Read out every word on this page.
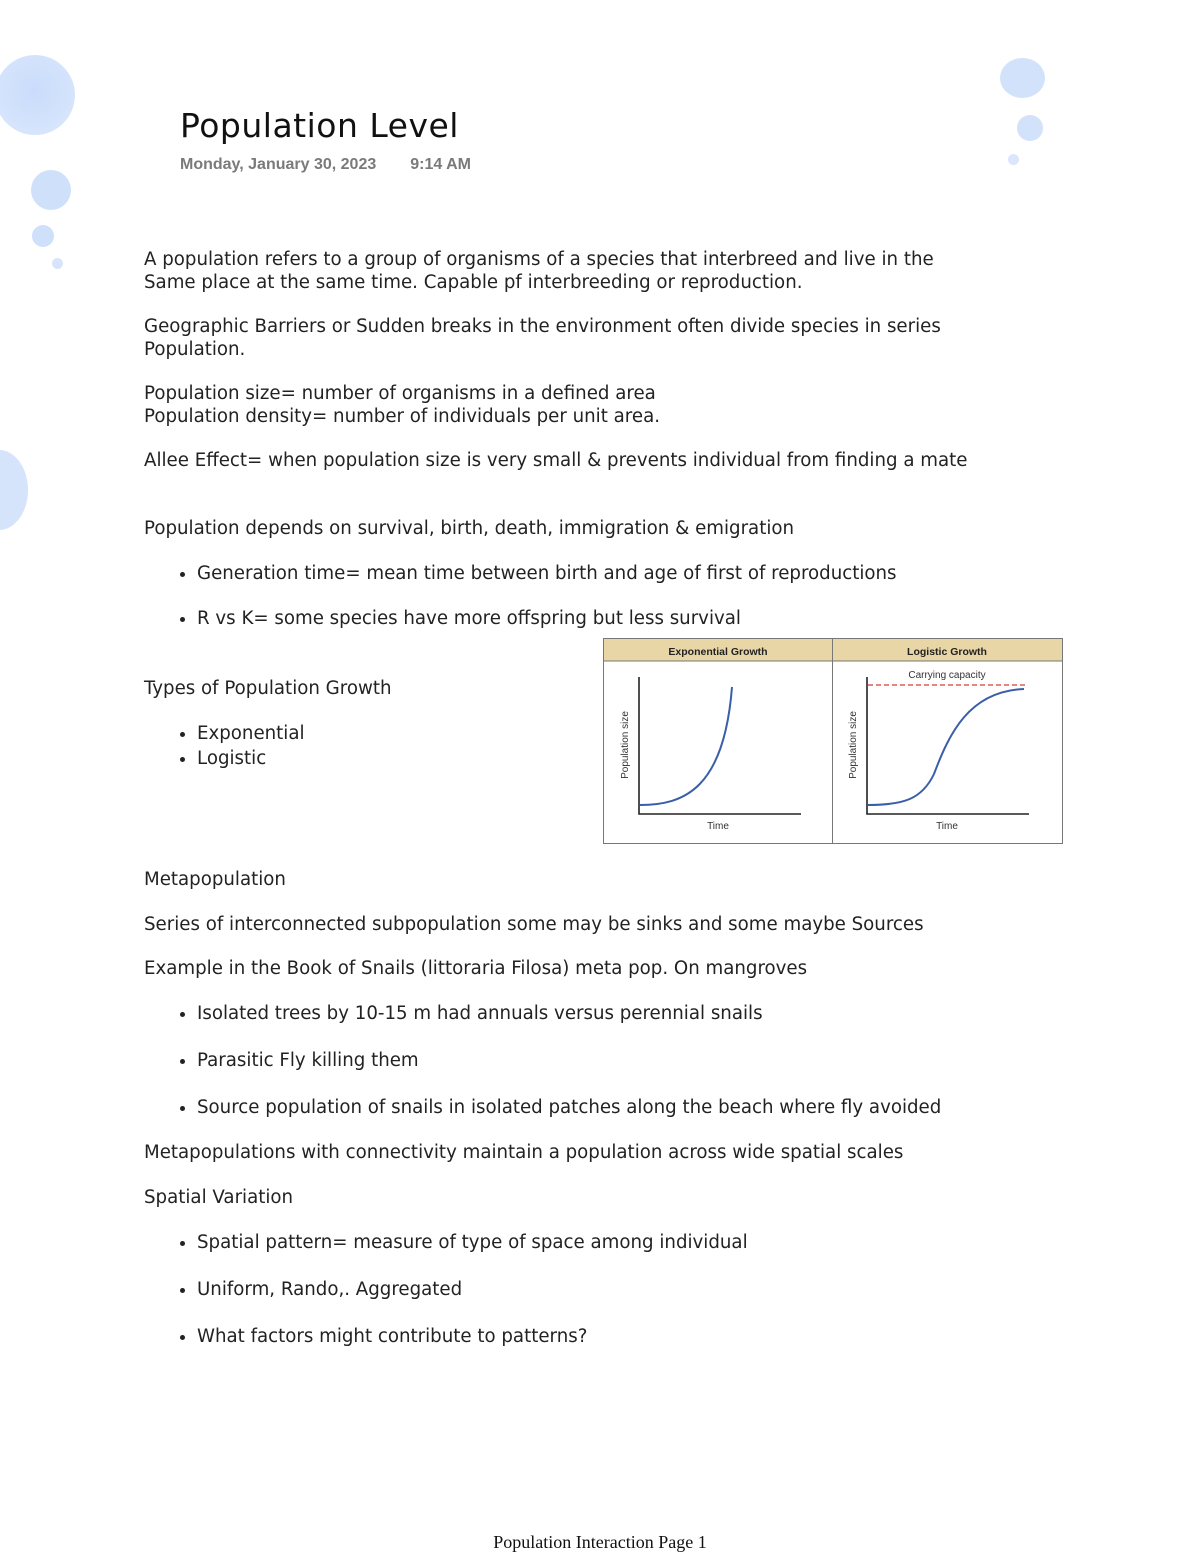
Population Level
Monday, January 30, 2023 9:14 AM

A population refers to a group of organisms of a species that interbreed and live in the
Same place at the same time. Capable pf interbreeding or reproduction.

Geographic Barriers or Sudden breaks in the environment often divide species in series
Population.

Population size= number of organisms in a defined area
Population density= number of individuals per unit area.

Allee Effect= when population size is very small & prevents individual from finding a mate

Population depends on survival, birth, death, immigration & emigration

• Generation time= mean time between birth and age of first of reproductions
• R vs K= some species have more offspring but less survival

Types of Population Growth

• Exponential
• Logistic

Metapopulation

Series of interconnected subpopulation some may be sinks and some maybe Sources

Example in the Book of Snails (littoraria Filosa) meta pop. On mangroves

• Isolated trees by 10-15 m had annuals versus perennial snails
• Parasitic Fly killing them
• Source population of snails in isolated patches along the beach where fly avoided

Metapopulations with connectivity maintain a population across wide spatial scales

Spatial Variation

• Spatial pattern= measure of type of space among individual
• Uniform, Rando,. Aggregated
• What factors might contribute to patterns?
Exponential Growth	Logistic Growth
Time
Population size
Time
Population size
Carrying capacity
Population Interaction Page 1
